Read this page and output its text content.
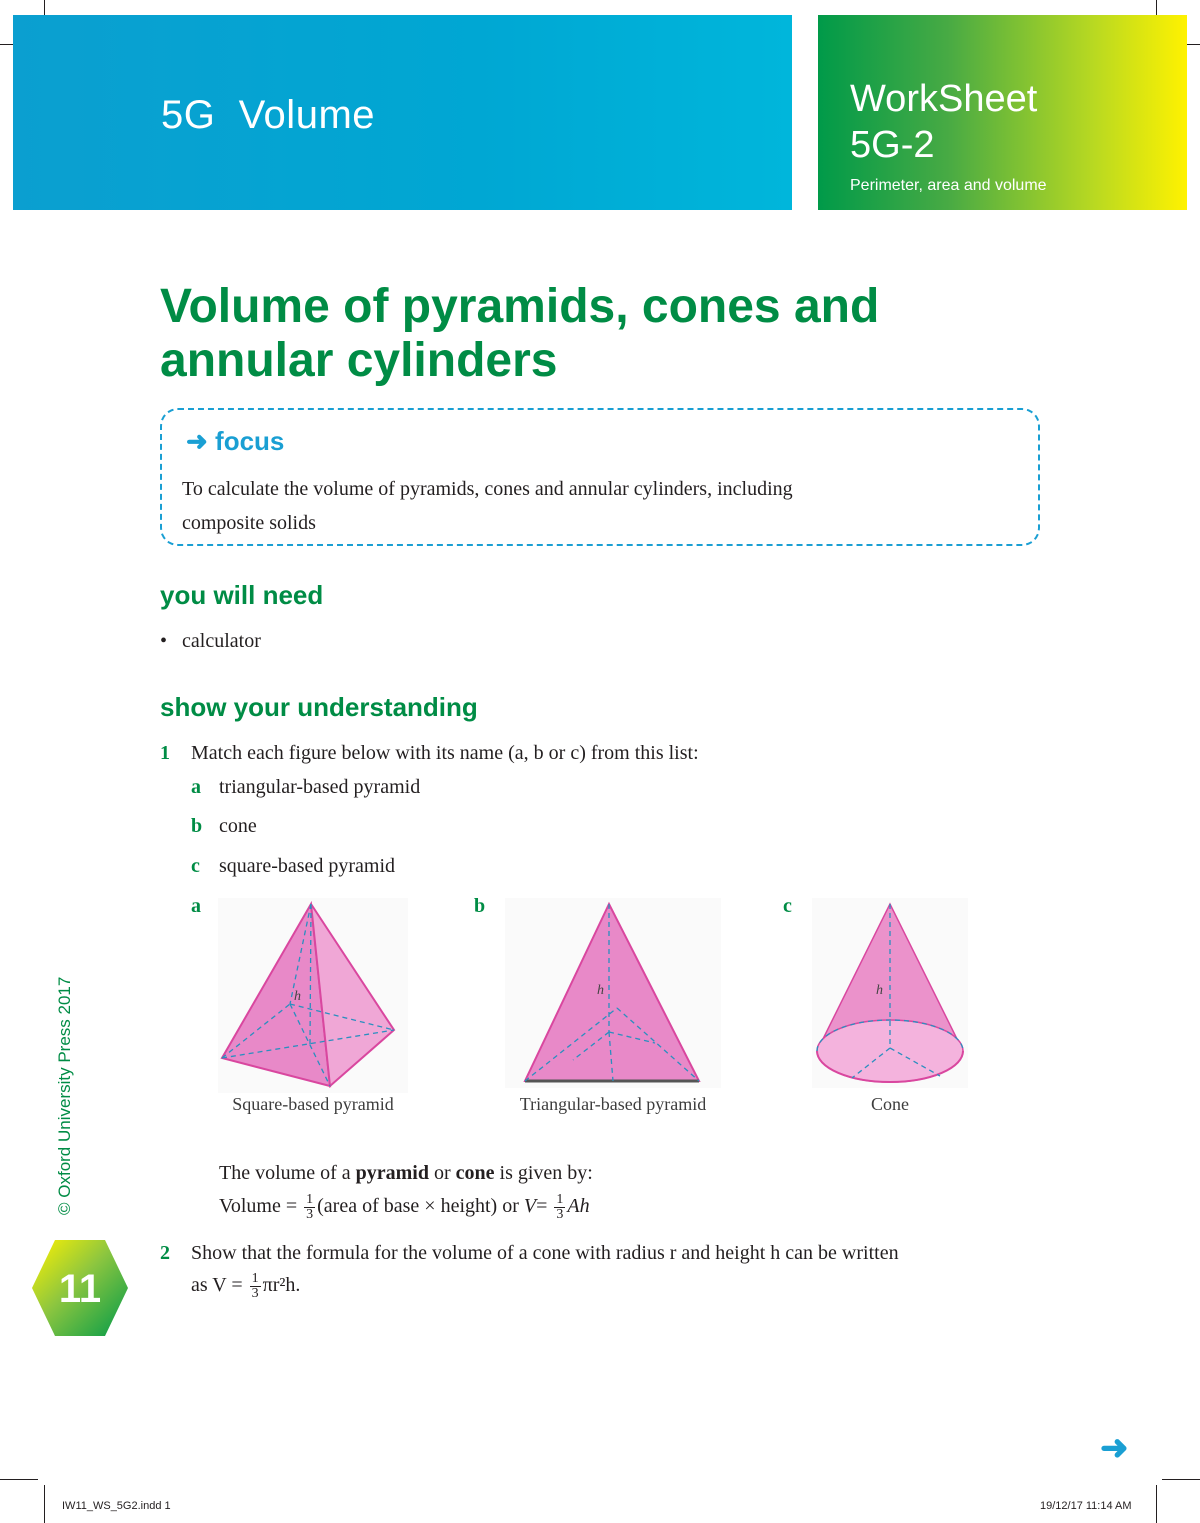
5G  Volume	WorkSheet
5G-2
Perimeter, area and volume
Volume of pyramids, cones and
annular cylinders
➜ focus
To calculate the volume of pyramids, cones and annular cylinders, including
composite solids
you will need
•   calculator
show your understanding
1 Match each figure below with its name (a, b or c) from this list:
a triangular-based pyramid
b cone
c square-based pyramid
a	b	c
h	h	h
Square-based pyramid	Triangular-based pyramid	Cone
The volume of a pyramid or cone is given by:
Volume = $\frac{1}{3}$ (area of base × height) or $V= \frac{1}{3}$ Ah
2 Show that the formula for the volume of a cone with radius r and height h can be written
as $V = \frac{1}{3} \pi r^2h$.
© Oxford University Press 2017
11
➜
IW11_WS_5G2.indd 1	19/12/17 11:14 AM
